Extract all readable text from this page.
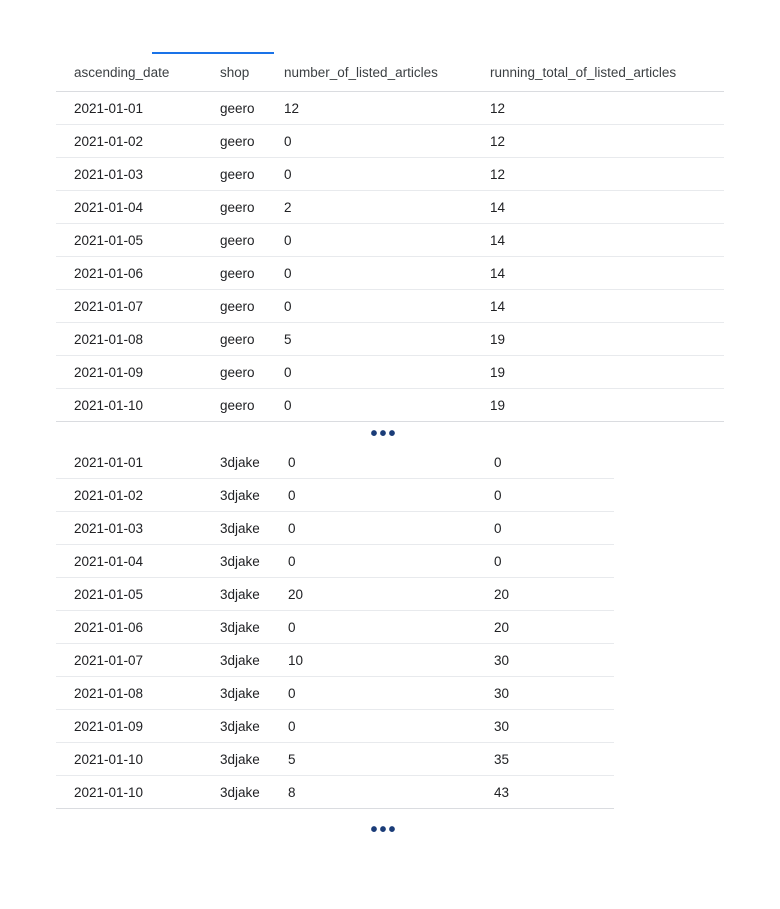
ascending_date	shop	number_of_listed_articles	running_total_of_listed_articles
2021-01-01	geero	12	12
2021-01-02	geero	0	12
2021-01-03	geero	0	12
2021-01-04	geero	2	14
2021-01-05	geero	0	14
2021-01-06	geero	0	14
2021-01-07	geero	0	14
2021-01-08	geero	5	19
2021-01-09	geero	0	19
2021-01-10	geero	0	19
•••
2021-01-01	3djake	0	0
2021-01-02	3djake	0	0
2021-01-03	3djake	0	0
2021-01-04	3djake	0	0
2021-01-05	3djake	20	20
2021-01-06	3djake	0	20
2021-01-07	3djake	10	30
2021-01-08	3djake	0	30
2021-01-09	3djake	0	30
2021-01-10	3djake	5	35
2021-01-10	3djake	8	43
•••
